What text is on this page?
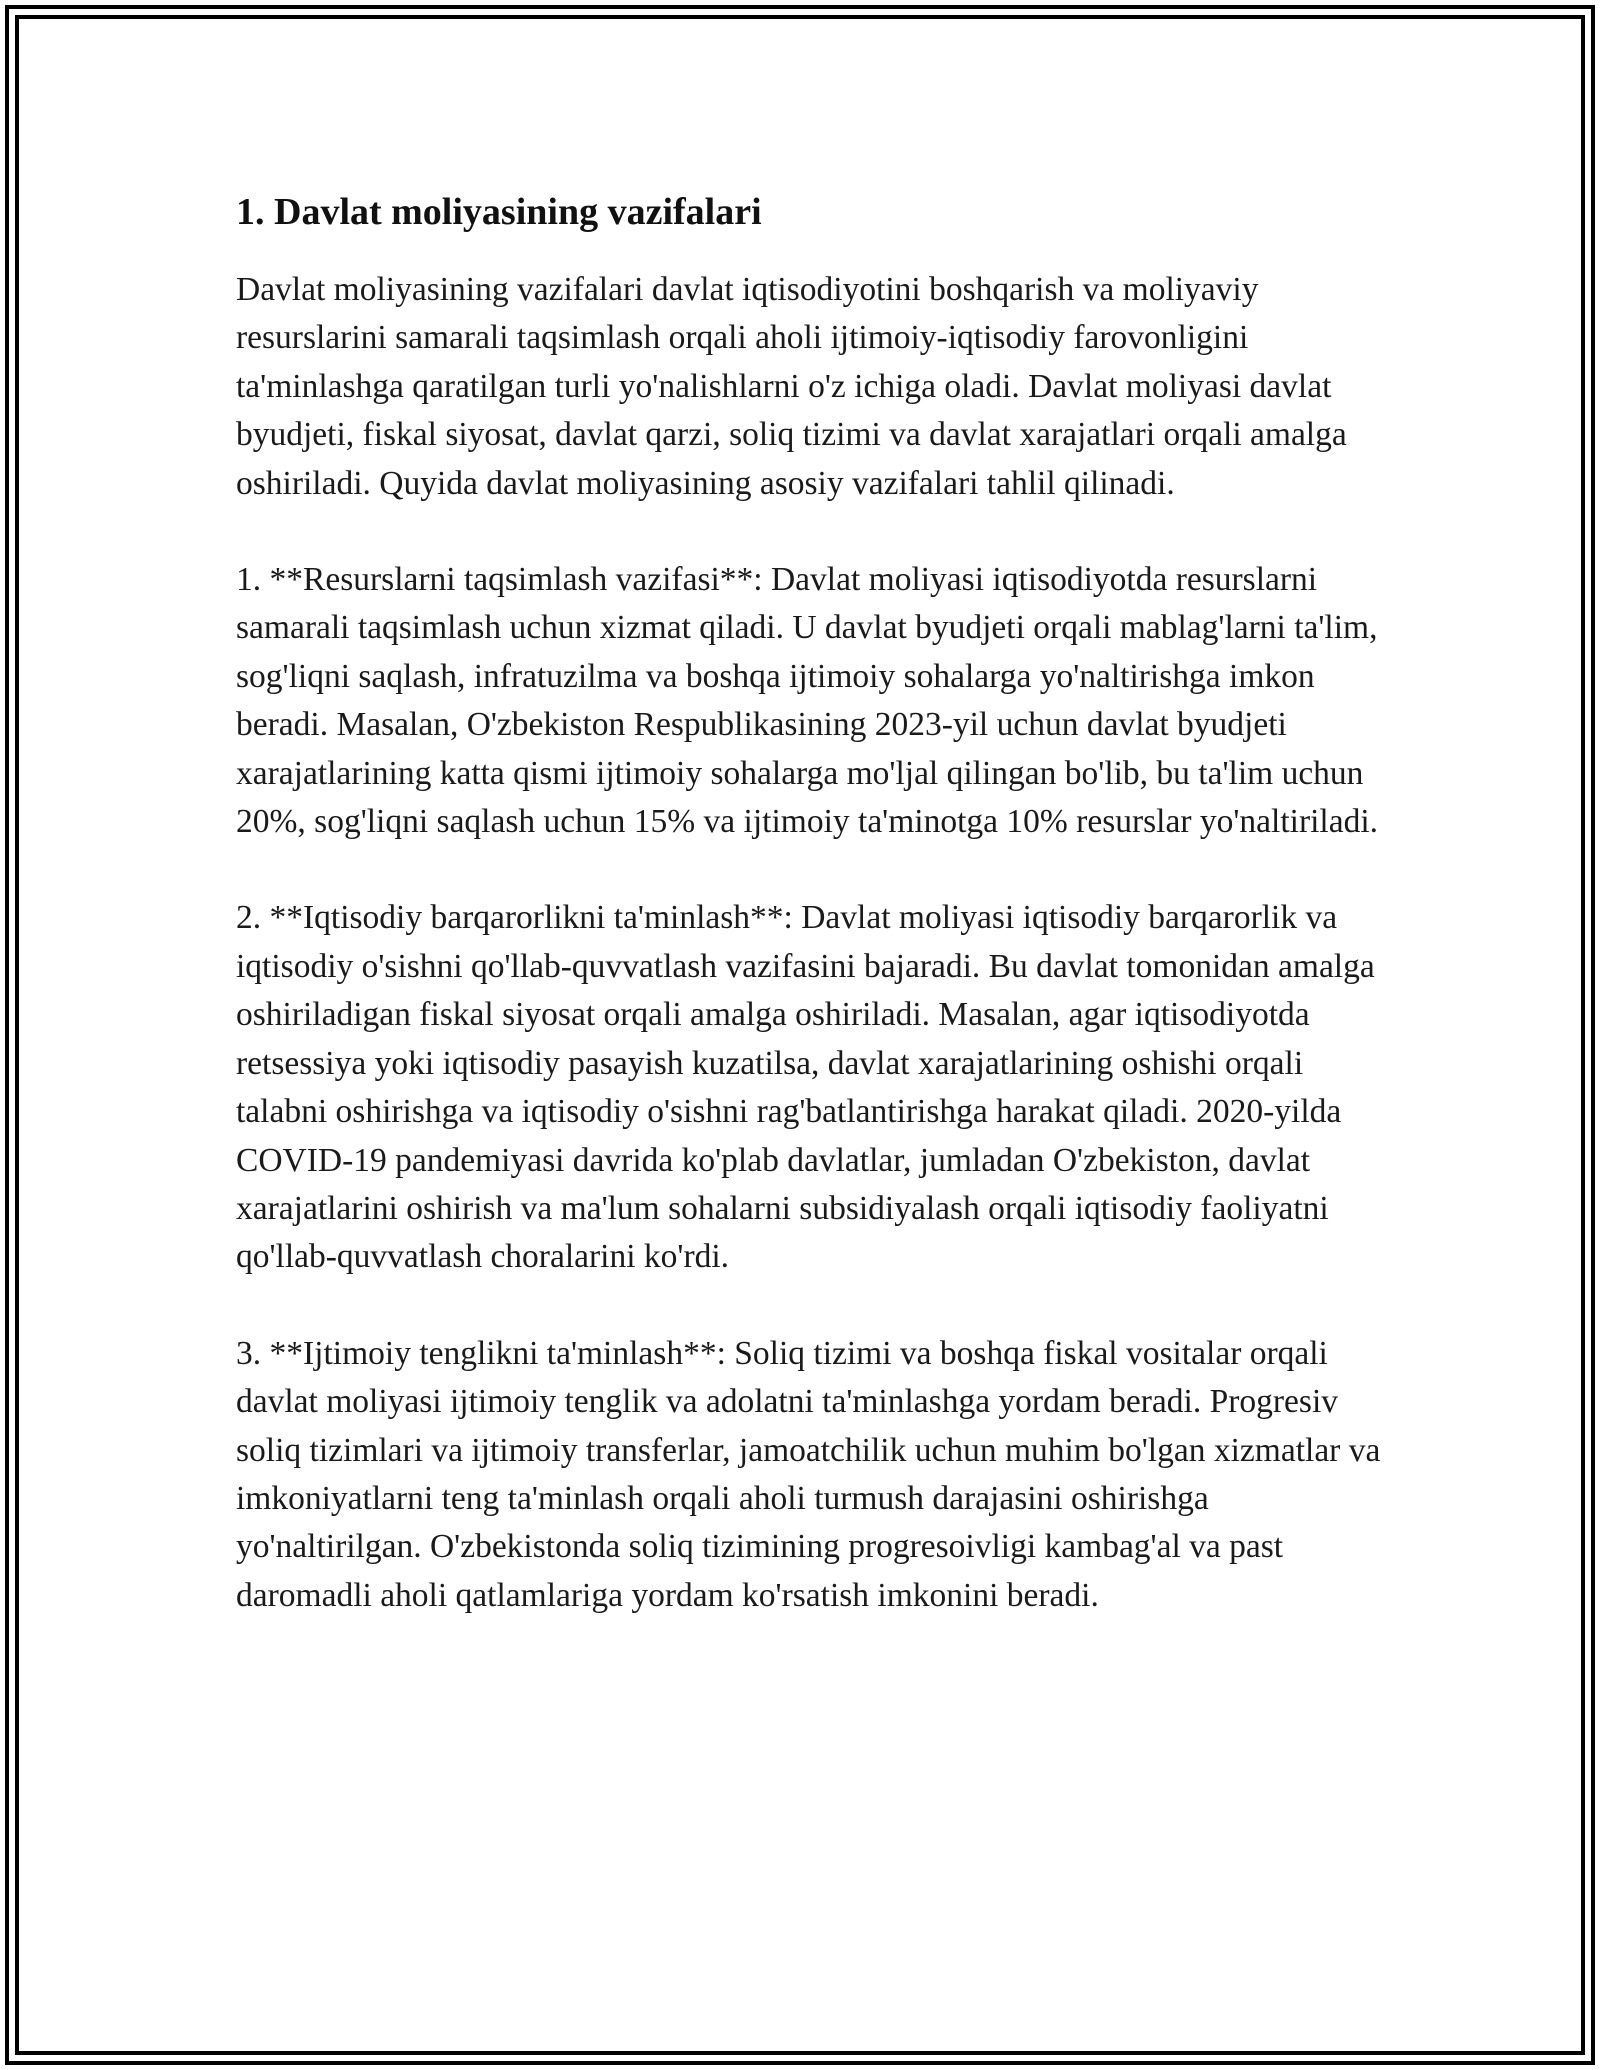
1. Davlat moliyasining vazifalari

Davlat moliyasining vazifalari davlat iqtisodiyotini boshqarish va moliyaviy resurslarini samarali taqsimlash orqali aholi ijtimoiy-iqtisodiy farovonligini ta'minlashga qaratilgan turli yo'nalishlarni o'z ichiga oladi. Davlat moliyasi davlat byudjeti, fiskal siyosat, davlat qarzi, soliq tizimi va davlat xarajatlari orqali amalga oshiriladi. Quyida davlat moliyasining asosiy vazifalari tahlil qilinadi.

1. **Resurslarni taqsimlash vazifasi**: Davlat moliyasi iqtisodiyotda resurslarni samarali taqsimlash uchun xizmat qiladi. U davlat byudjeti orqali mablag'larni ta'lim, sog'liqni saqlash, infratuzilma va boshqa ijtimoiy sohalarga yo'naltirishga imkon beradi. Masalan, O'zbekiston Respublikasining 2023-yil uchun davlat byudjeti xarajatlarining katta qismi ijtimoiy sohalarga mo'ljal qilingan bo'lib, bu ta'lim uchun 20%, sog'liqni saqlash uchun 15% va ijtimoiy ta'minotga 10% resurslar yo'naltiriladi.

2. **Iqtisodiy barqarorlikni ta'minlash**: Davlat moliyasi iqtisodiy barqarorlik va iqtisodiy o'sishni qo'llab-quvvatlash vazifasini bajaradi. Bu davlat tomonidan amalga oshiriladigan fiskal siyosat orqali amalga oshiriladi. Masalan, agar iqtisodiyotda retsessiya yoki iqtisodiy pasayish kuzatilsa, davlat xarajatlarining oshishi orqali talabni oshirishga va iqtisodiy o'sishni rag'batlantirishga harakat qiladi. 2020-yilda COVID-19 pandemiyasi davrida ko'plab davlatlar, jumladan O'zbekiston, davlat xarajatlarini oshirish va ma'lum sohalarni subsidiyalash orqali iqtisodiy faoliyatni qo'llab-quvvatlash choralarini ko'rdi.

3. **Ijtimoiy tenglikni ta'minlash**: Soliq tizimi va boshqa fiskal vositalar orqali davlat moliyasi ijtimoiy tenglik va adolatni ta'minlashga yordam beradi. Progresiv soliq tizimlari va ijtimoiy transferlar, jamoatchilik uchun muhim bo'lgan xizmatlar va imkoniyatlarni teng ta'minlash orqali aholi turmush darajasini oshirishga yo'naltirilgan. O'zbekistonda soliq tizimining progresoivligi kambag'al va past daromadli aholi qatlamlariga yordam ko'rsatish imkonini beradi.
